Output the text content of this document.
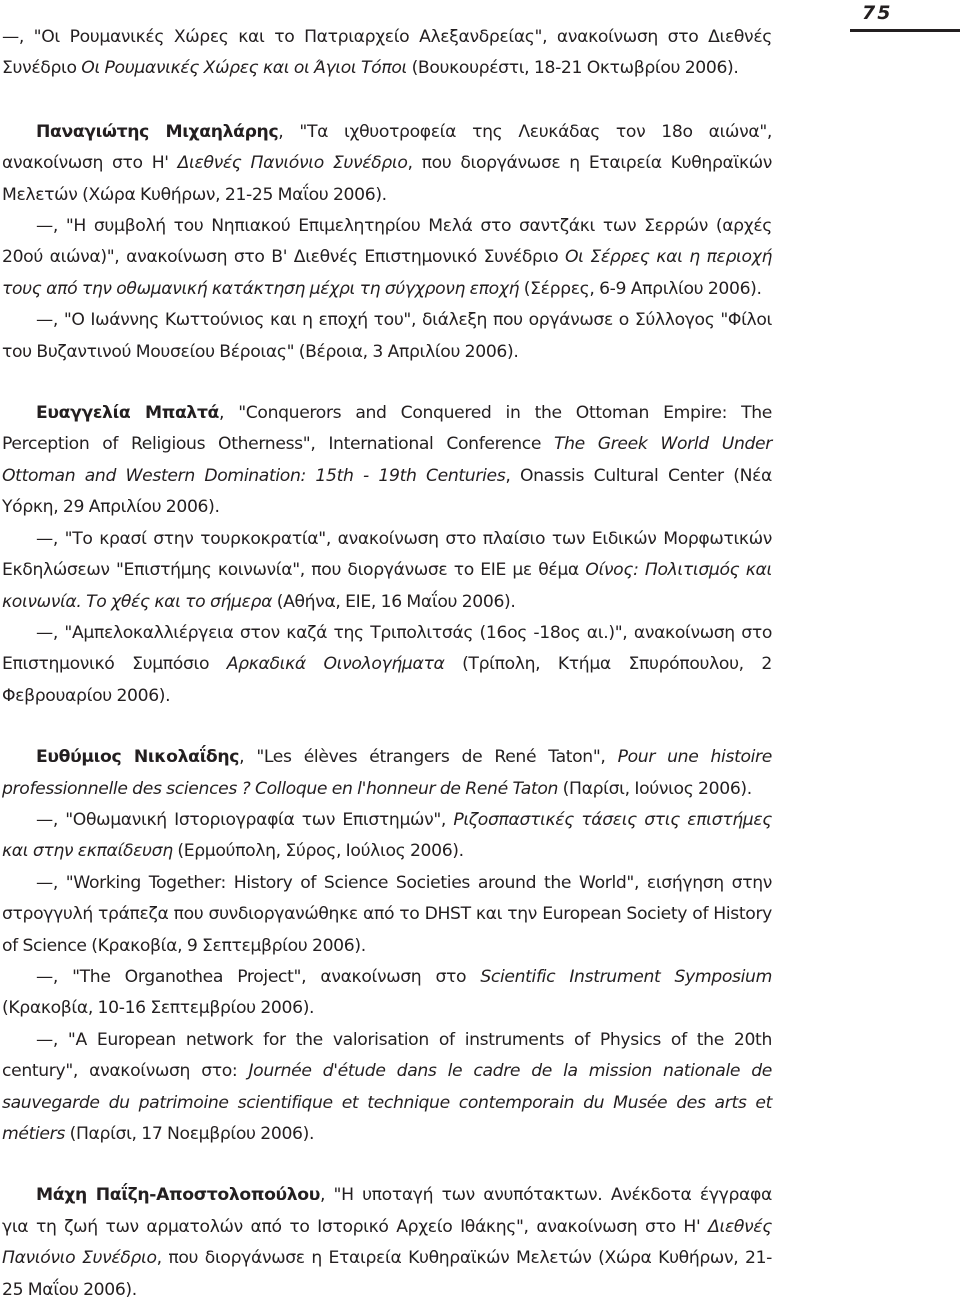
75

—, "Οι Ρουμανικές Χώρες και το Πατριαρχείο Αλεξανδρείας", ανακοίνωση στο Διεθνές Συνέδριο Οι Ρουμανικές Χώρες και οι Άγιοι Τόποι (Βουκουρέστι, 18-21 Οκτωβρίου 2006).

Παναγιώτης Μιχαηλάρης, "Τα ιχθυοτροφεία της Λευκάδας τον 18ο αιώνα", ανακοίνωση στο Η' Διεθνές Πανιόνιο Συνέδριο, που διοργάνωσε η Εταιρεία Κυθηραϊκών Μελετών (Χώρα Κυθήρων, 21-25 Μαΐου 2006).

—, "Η συμβολή του Νηπιακού Επιμελητηρίου Μελά στο σαντζάκι των Σερρών (αρχές 20ού αιώνα)", ανακοίνωση στο Β' Διεθνές Επιστημονικό Συνέδριο Οι Σέρρες και η περιοχή τους από την οθωμανική κατάκτηση μέχρι τη σύγχρονη εποχή (Σέρρες, 6-9 Απριλίου 2006).

—, "Ο Ιωάννης Κωττούνιος και η εποχή του", διάλεξη που οργάνωσε ο Σύλλογος "Φίλοι του Βυζαντινού Μουσείου Βέροιας" (Βέροια, 3 Απριλίου 2006).

Ευαγγελία Μπαλτά, "Conquerors and Conquered in the Ottoman Empire: The Perception of Religious Otherness", International Conference The Greek World Under Ottoman and Western Domination: 15th - 19th Centuries, Onassis Cultural Center (Νέα Υόρκη, 29 Απριλίου 2006).

—, "Το κρασί στην τουρκοκρατία", ανακοίνωση στο πλαίσιο των Ειδικών Μορφωτικών Εκδηλώσεων "Επιστήμης κοινωνία", που διοργάνωσε το ΕΙΕ με θέμα Οίνος: Πολιτισμός και κοινωνία. Το χθές και το σήμερα (Αθήνα, ΕΙΕ, 16 Μαΐου 2006).

—, "Αμπελοκαλλιέργεια στον καζά της Τριπολιτσάς (16ος -18ος αι.)", ανακοίνωση στο Επιστημονικό Συμπόσιο Αρκαδικά Οινολογήματα (Τρίπολη, Κτήμα Σπυρόπουλου, 2 Φεβρουαρίου 2006).

Ευθύμιος Νικολαΐδης, "Les élèves étrangers de René Taton", Pour une histoire professionnelle des sciences ? Colloque en l'honneur de René Taton (Παρίσι, Ιούνιος 2006).

—, "Οθωμανική Ιστοριογραφία των Επιστημών", Ριζοσπαστικές τάσεις στις επιστήμες και στην εκπαίδευση (Ερμούπολη, Σύρος, Ιούλιος 2006).

—, "Working Together: History of Science Societies around the World", εισήγηση στην στρογγυλή τράπεζα που συνδιοργανώθηκε από το DHST και την European Society of History of Science (Κρακοβία, 9 Σεπτεμβρίου 2006).

—, "The Organothea Project", ανακοίνωση στο Scientific Instrument Symposium (Κρακοβία, 10-16 Σεπτεμβρίου 2006).

—, "A European network for the valorisation of instruments of Physics of the 20th century", ανακοίνωση στο: Journée d'étude dans le cadre de la mission nationale de sauvegarde du patrimoine scientifique et technique contemporain du Musée des arts et métiers (Παρίσι, 17 Νοεμβρίου 2006).

Μάχη Παΐζη-Αποστολοπούλου, "Η υποταγή των ανυπότακτων. Ανέκδοτα έγγραφα για τη ζωή των αρματολών από το Ιστορικό Αρχείο Ιθάκης", ανακοίνωση στο Η' Διεθνές Πανιόνιο Συνέδριο, που διοργάνωσε η Εταιρεία Κυθηραϊκών Μελετών (Χώρα Κυθήρων, 21-25 Μαΐου 2006).
